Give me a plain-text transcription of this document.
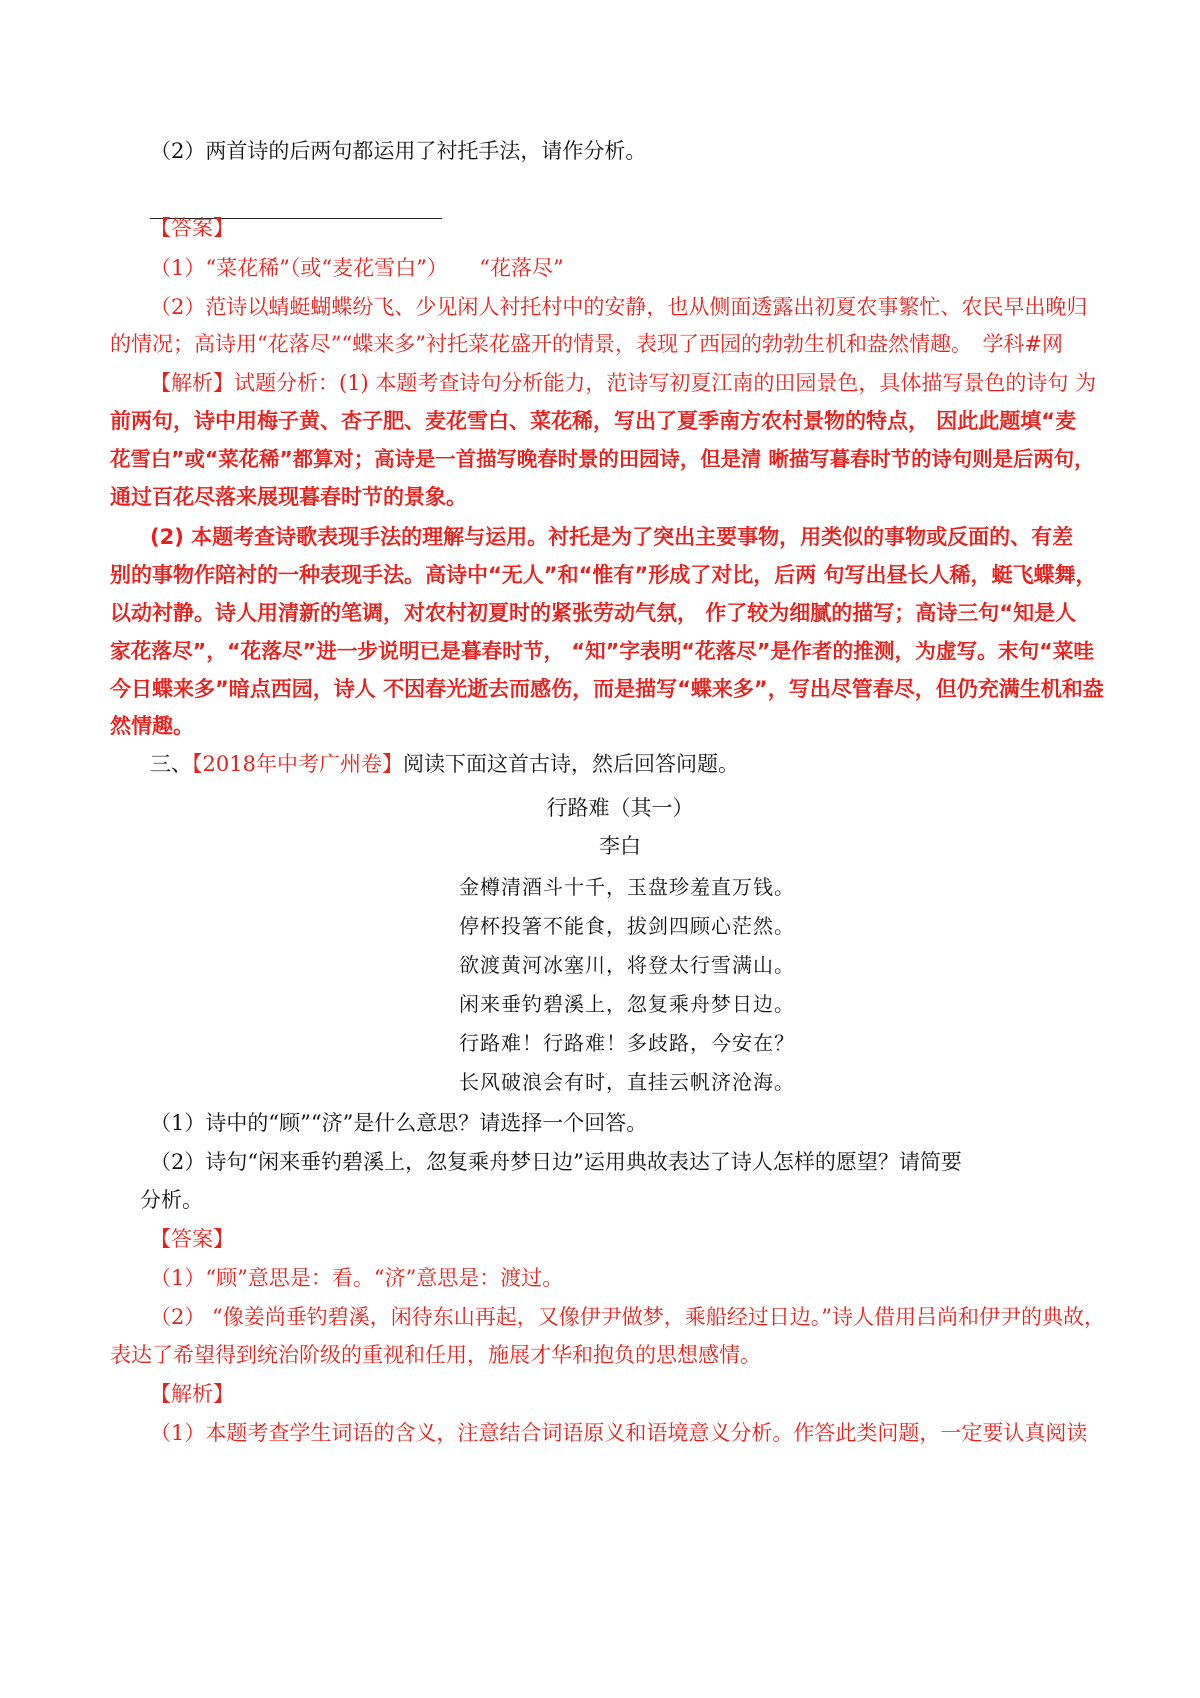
（2）两首诗的后两句都运用了衬托手法，请作分析。
【答案】
（1）“菜花稀”（或“麦花雪白”）　　“花落尽”
（2）范诗以蜻蜓蝴蝶纷飞、少见闲人衬托村中的安静，也从侧面透露出初夏农事繁忙、农民早出晚归
的情况；高诗用“花落尽”“蝶来多”衬托菜花盛开的情景，表现了西园的勃勃生机和盎然情趣。　学科#网
【解析】试题分析：(1) 本题考查诗句分析能力，范诗写初夏江南的田园景色，具体描写景色的诗句 为
前两句，诗中用梅子黄、杏子肥、麦花雪白、菜花稀，写出了夏季南方农村景物的特点， 因此此题填“麦
花雪白”或“菜花稀”都算对；高诗是一首描写晚春时景的田园诗，但是清 晰描写暮春时节的诗句则是后两句，
通过百花尽落来展现暮春时节的景象。
(2) 本题考查诗歌表现手法的理解与运用。衬托是为了突出主要事物，用类似的事物或反面的、有差
别的事物作陪衬的一种表现手法。高诗中“无人”和“惟有”形成了对比，后两 句写出昼长人稀，蜓飞蝶舞，
以动衬静。诗人用清新的笔调，对农村初夏时的紧张劳动气氛， 作了较为细腻的描写；高诗三句“知是人
家花落尽”，“花落尽”进一步说明已是暮春时节， “知”字表明“花落尽”是作者的推测，为虚写。末句“菜哇
今日蝶来多”暗点西园，诗人 不因春光逝去而感伤，而是描写“蝶来多”，写出尽管春尽，但仍充满生机和盎
然情趣。
三、【2018年中考广州卷】阅读下面这首古诗，然后回答问题。
行路难（其一）
李白
金樽清酒斗十千，玉盘珍羞直万钱。
停杯投箸不能食，拔剑四顾心茫然。
欲渡黄河冰塞川，将登太行雪满山。
闲来垂钓碧溪上，忽复乘舟梦日边。
行路难！行路难！多歧路，今安在？
长风破浪会有时，直挂云帆济沧海。
（1）诗中的“顾”“济”是什么意思？请选择一个回答。
（2）诗句“闲来垂钓碧溪上，忽复乘舟梦日边”运用典故表达了诗人怎样的愿望？请简要
分析。
【答案】
（1）“顾”意思是：看。“济”意思是：渡过。
（2） “像姜尚垂钓碧溪，闲待东山再起，又像伊尹做梦，乘船经过日边。”诗人借用吕尚和伊尹的典故，
表达了希望得到统治阶级的重视和任用，施展才华和抱负的思想感情。
【解析】
（1）本题考查学生词语的含义，注意结合词语原义和语境意义分析。作答此类问题，一定要认真阅读
